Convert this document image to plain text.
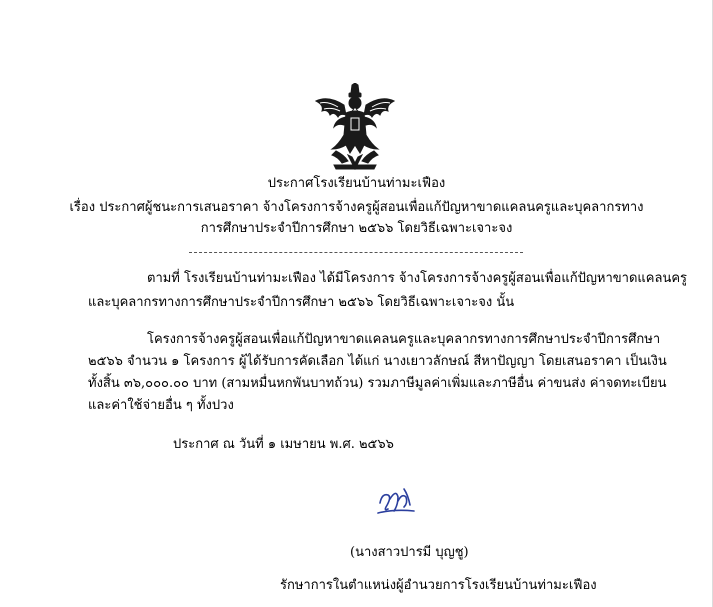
ประกาศโรงเรียนบ้านท่ามะเฟือง
เรื่อง ประกาศผู้ชนะการเสนอราคา จ้างโครงการจ้างครูผู้สอนเพื่อแก้ปัญหาขาดแคลนครูและบุคลากรทาง
การศึกษาประจำปีการศึกษา ๒๕๖๖ โดยวิธีเฉพาะเจาะจง
ตามที่ โรงเรียนบ้านท่ามะเฟือง ได้มีโครงการ จ้างโครงการจ้างครูผู้สอนเพื่อแก้ปัญหาขาดแคลนครู
และบุคลากรทางการศึกษาประจำปีการศึกษา ๒๕๖๖ โดยวิธีเฉพาะเจาะจง นั้น
โครงการจ้างครูผู้สอนเพื่อแก้ปัญหาขาดแคลนครูและบุคลากรทางการศึกษาประจำปีการศึกษา
๒๕๖๖ จำนวน ๑ โครงการ ผู้ได้รับการคัดเลือก ได้แก่ นางเยาวลักษณ์ สีหาปัญญา โดยเสนอราคา เป็นเงิน
ทั้งสิ้น ๓๖,๐๐๐.๐๐ บาท (สามหมื่นหกพันบาทถ้วน) รวมภาษีมูลค่าเพิ่มและภาษีอื่น ค่าขนส่ง ค่าจดทะเบียน
และค่าใช้จ่ายอื่น ๆ ทั้งปวง
ประกาศ ณ วันที่ ๑ เมษายน พ.ศ. ๒๕๖๖
(นางสาวปารมี บุญชู)
รักษาการในตำแหน่งผู้อำนวยการโรงเรียนบ้านท่ามะเฟือง
